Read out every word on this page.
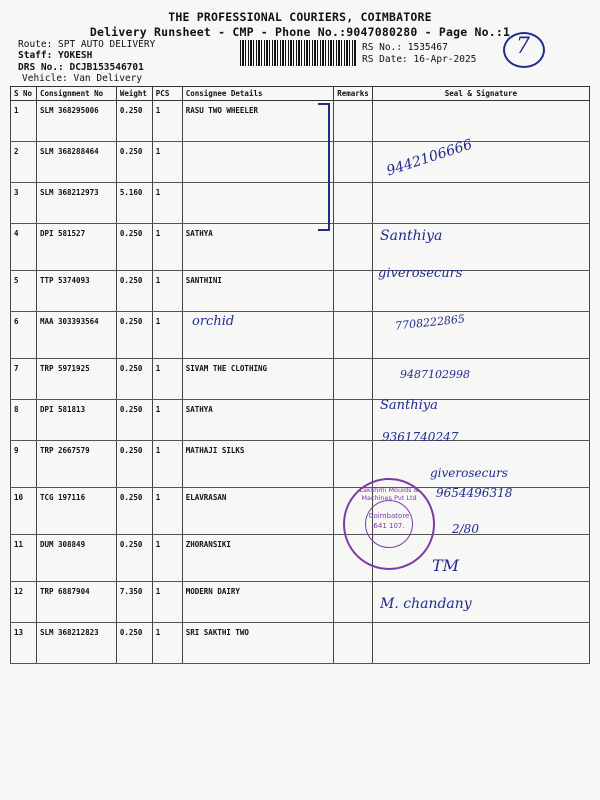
THE PROFESSIONAL COURIERS, COIMBATORE
Delivery Runsheet - CMP - Phone No.:9047080280 - Page No.:1
Route: SPT AUTO DELIVERY
Staff: YOKESH
DRS No.: DCJB153546701
Vehicle: Van Delivery
RS No.: 1535467
RS Date: 16-Apr-2025
7
S No	Consignment No	Weight	PCS	Consignee Details	Remarks	Seal & Signature
1	SLM 368295006	0.250	1	RASU TWO WHEELER		
2	SLM 368288464	0.250	1			
3	SLM 368212973	5.160	1			
4	DPI 581527	0.250	1	SATHYA		
5	TTP 5374093	0.250	1	SANTHINI		
6	MAA 303393564	0.250	1			
7	TRP 5971925	0.250	1	SIVAM THE CLOTHING		
8	DPI 581813	0.250	1	SATHYA		
9	TRP 2667579	0.250	1	MATHAJI SILKS		
10	TCG 197116	0.250	1	ELAVRASAN		
11	DUM 308849	0.250	1	ZHORANSIKI		
12	TRP 6887904	7.350	1	MODERN DAIRY		
13	SLM 368212823	0.250	1	SRI SAKTHI TWO		
orchid
9442106666
Santhiya
giverosecurs
7708222865
9487102998
Santhiya
9361740247
giverosecurs
9654496318
2/80
TM
M. chandany
Lakshmi Moulds & Machines Pvt Ltd
Coimbatore
641 107.
